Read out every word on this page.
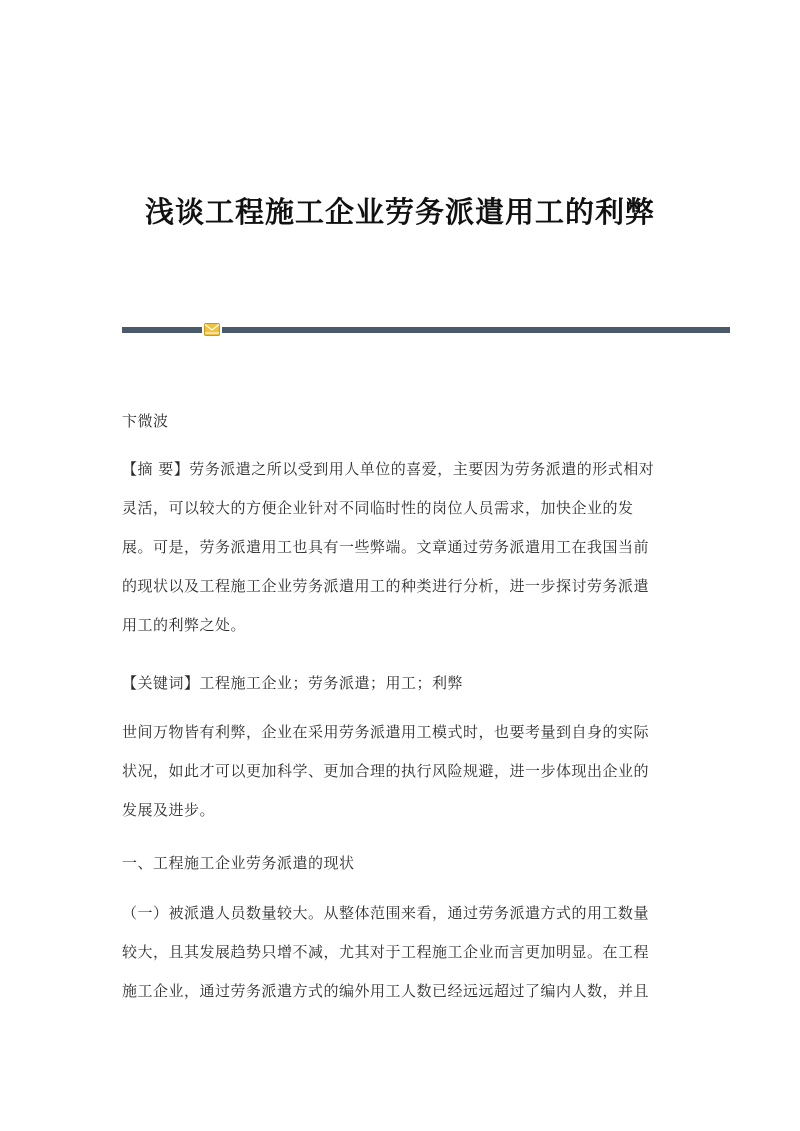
浅谈工程施工企业劳务派遣用工的利弊
卞微波
【摘 要】劳务派遣之所以受到用人单位的喜爱，主要因为劳务派遣的形式相对
灵活，可以较大的方便企业针对不同临时性的岗位人员需求，加快企业的发
展。可是，劳务派遣用工也具有一些弊端。文章通过劳务派遣用工在我国当前
的现状以及工程施工企业劳务派遣用工的种类进行分析，进一步探讨劳务派遣
用工的利弊之处。
【关键词】工程施工企业；劳务派遣；用工；利弊
世间万物皆有利弊，企业在采用劳务派遣用工模式时，也要考量到自身的实际
状况，如此才可以更加科学、更加合理的执行风险规避，进一步体现出企业的
发展及进步。
一、工程施工企业劳务派遣的现状
（一）被派遣人员数量较大。从整体范围来看，通过劳务派遣方式的用工数量
较大，且其发展趋势只增不减，尤其对于工程施工企业而言更加明显。在工程
施工企业，通过劳务派遣方式的编外用工人数已经远远超过了编内人数，并且
